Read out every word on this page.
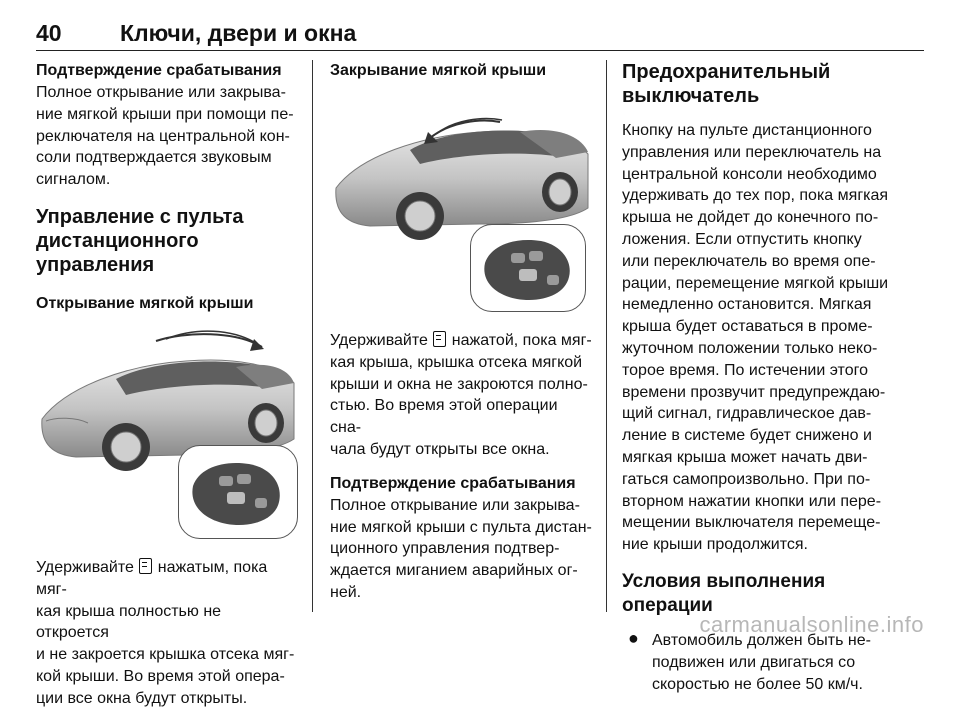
40	Ключи, двери и окна

Подтверждение срабатывания

Полное открывание или закрыва-
ние мягкой крыши при помощи пе-
реключателя на центральной кон-
соли подтверждается звуковым
сигналом.

Управление с пульта
дистанционного управления

Открывание мягкой крыши

Удерживайте нажатым, пока мяг-
кая крыша полностью не откроется
и не закроется крышка отсека мяг-
кой крыши. Во время этой опера-
ции все окна будут открыты.

Закрывание мягкой крыши

Удерживайте нажатой, пока мяг-
кая крыша, крышка отсека мягкой
крыши и окна не закроются полно-
стью. Во время этой операции сна-
чала будут открыты все окна.

Подтверждение срабатывания

Полное открывание или закрыва-
ние мягкой крыши с пульта дистан-
ционного управления подтвер-
ждается миганием аварийных ог-
ней.

Предохранительный
выключатель

Кнопку на пульте дистанционного
управления или переключатель на
центральной консоли необходимо
удерживать до тех пор, пока мягкая
крыша не дойдет до конечного по-
ложения. Если отпустить кнопку
или переключатель во время опе-
рации, перемещение мягкой крыши
немедленно остановится. Мягкая
крыша будет оставаться в проме-
жуточном положении только неко-
торое время. По истечении этого
времени прозвучит предупреждаю-
щий сигнал, гидравлическое дав-
ление в системе будет снижено и
мягкая крыша может начать дви-
гаться самопроизвольно. При по-
вторном нажатии кнопки или пере-
мещении выключателя перемеще-
ние крыши продолжится.

Условия выполнения операции

● Автомобиль должен быть не-
подвижен или двигаться со
скоростью не более 50 км/ч.
carmanualsonline.info
